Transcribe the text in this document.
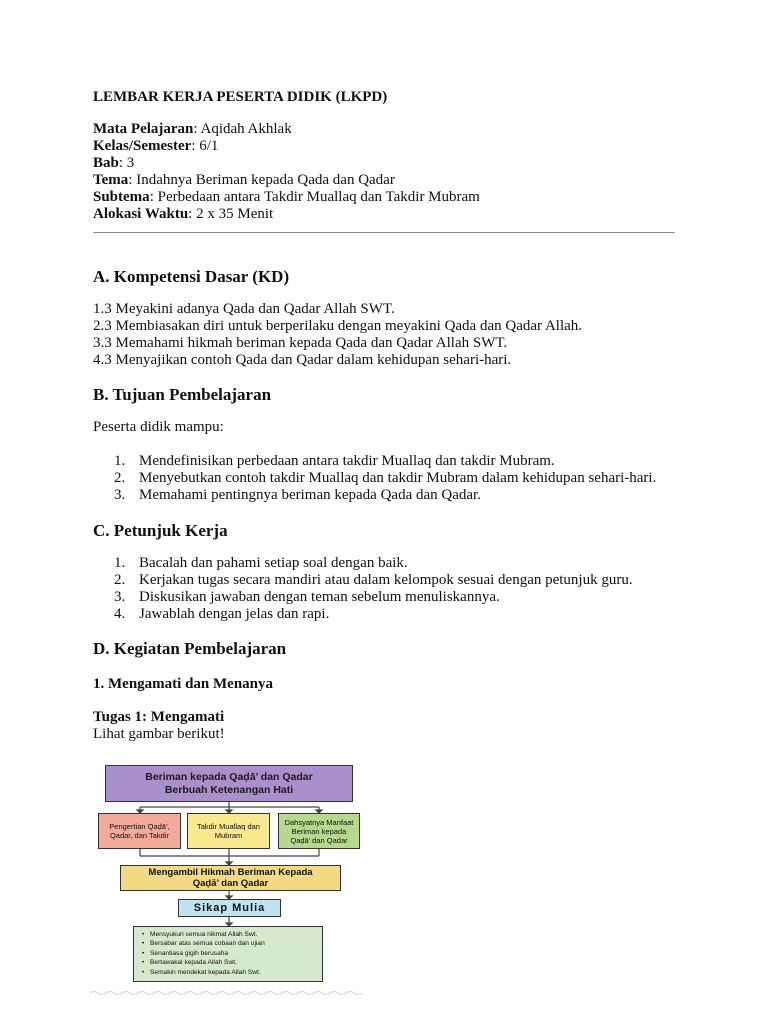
LEMBAR KERJA PESERTA DIDIK (LKPD)

Mata Pelajaran: Aqidah Akhlak
Kelas/Semester: 6/1
Bab: 3
Tema: Indahnya Beriman kepada Qada dan Qadar
Subtema: Perbedaan antara Takdir Muallaq dan Takdir Mubram
Alokasi Waktu: 2 x 35 Menit
A. Kompetensi Dasar (KD)
1.3 Meyakini adanya Qada dan Qadar Allah SWT.
2.3 Membiasakan diri untuk berperilaku dengan meyakini Qada dan Qadar Allah.
3.3 Memahami hikmah beriman kepada Qada dan Qadar Allah SWT.
4.3 Menyajikan contoh Qada dan Qadar dalam kehidupan sehari-hari.
B. Tujuan Pembelajaran
Peserta didik mampu:
1. Mendefinisikan perbedaan antara takdir Muallaq dan takdir Mubram.
2. Menyebutkan contoh takdir Muallaq dan takdir Mubram dalam kehidupan sehari-hari.
3. Memahami pentingnya beriman kepada Qada dan Qadar.
C. Petunjuk Kerja
1. Bacalah dan pahami setiap soal dengan baik.
2. Kerjakan tugas secara mandiri atau dalam kelompok sesuai dengan petunjuk guru.
3. Diskusikan jawaban dengan teman sebelum menuliskannya.
4. Jawablah dengan jelas dan rapi.
D. Kegiatan Pembelajaran
1. Mengamati dan Menanya
Tugas 1: Mengamati
Lihat gambar berikut!
Beriman kepada Qaḍā’ dan Qadar
Berbuah Ketenangan Hati
Pengertian Qaḍā’,
Qadar, dan Takdir
Takdir Muallaq dan
Mubram
Dahsyatnya Manfaat
Beriman kepada
Qaḍā’ dan Qadar
Mengambil Hikmah Beriman Kepada
Qaḍā’ dan Qadar
Sikap Mulia
• Mensyukuri semua nikmat Allah Swt.
• Bersabar atas semua cobaan dan ujian
• Senantiasa gigih berusaha
• Bertawakal kepada Allah Swt.
• Semakin mendekat kepada Allah Swt.
